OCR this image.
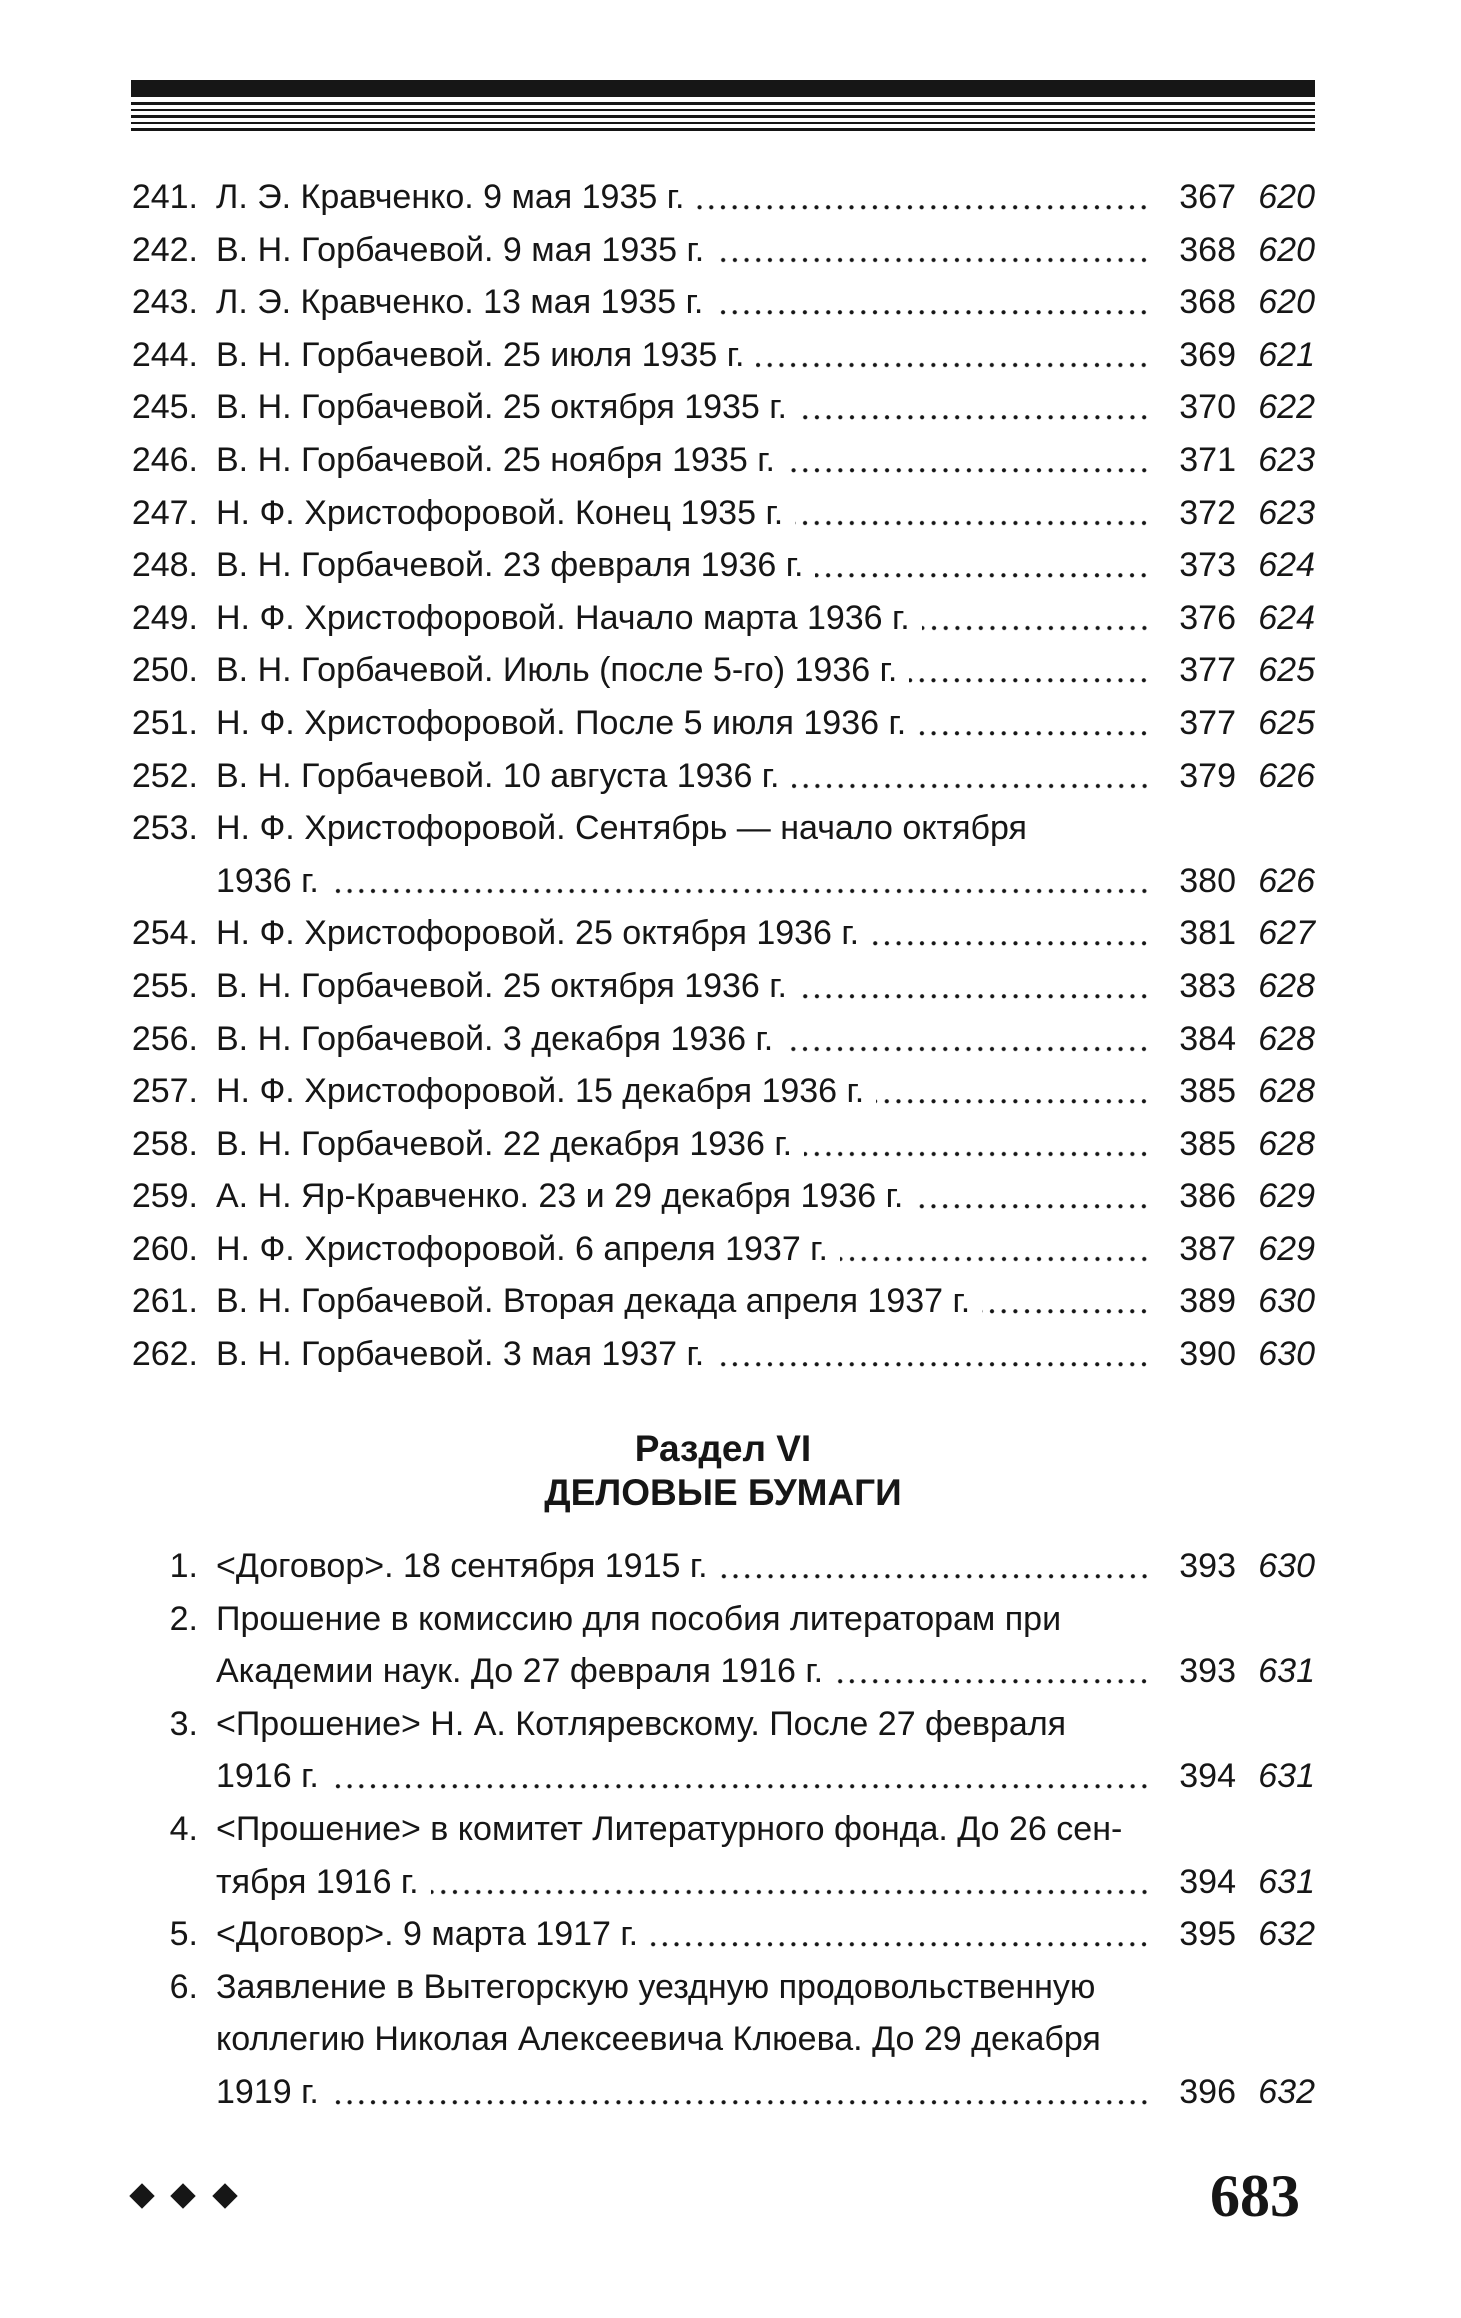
241. Л. Э. Кравченко. 9 мая 1935 г.	367 620
242. В. Н. Горбачевой. 9 мая 1935 г.	368 620
243. Л. Э. Кравченко. 13 мая 1935 г.	368 620
244. В. Н. Горбачевой. 25 июля 1935 г.	369 621
245. В. Н. Горбачевой. 25 октября 1935 г.	370 622
246. В. Н. Горбачевой. 25 ноября 1935 г.	371 623
247. Н. Ф. Христофоровой. Конец 1935 г.	372 623
248. В. Н. Горбачевой. 23 февраля 1936 г.	373 624
249. Н. Ф. Христофоровой. Начало марта 1936 г.	376 624
250. В. Н. Горбачевой. Июль (после 5-го) 1936 г.	377 625
251. Н. Ф. Христофоровой. После 5 июля 1936 г.	377 625
252. В. Н. Горбачевой. 10 августа 1936 г.	379 626
253. Н. Ф. Христофоровой. Сентябрь — начало октября
1936 г.	380 626
254. Н. Ф. Христофоровой. 25 октября 1936 г.	381 627
255. В. Н. Горбачевой. 25 октября 1936 г.	383 628
256. В. Н. Горбачевой. 3 декабря 1936 г.	384 628
257. Н. Ф. Христофоровой. 15 декабря 1936 г.	385 628
258. В. Н. Горбачевой. 22 декабря 1936 г.	385 628
259. А. Н. Яр-Кравченко. 23 и 29 декабря 1936 г.	386 629
260. Н. Ф. Христофоровой. 6 апреля 1937 г.	387 629
261. В. Н. Горбачевой. Вторая декада апреля 1937 г.	389 630
262. В. Н. Горбачевой. 3 мая 1937 г.	390 630
Раздел VI
ДЕЛОВЫЕ БУМАГИ
1. <Договор>. 18 сентября 1915 г.	393 630
2. Прошение в комиссию для пособия литераторам при
Академии наук. До 27 февраля 1916 г.	393 631
3. <Прошение> Н. А. Котляревскому. После 27 февраля
1916 г.	394 631
4. <Прошение> в комитет Литературного фонда. До 26 сен-
тября 1916 г.	394 631
5. <Договор>. 9 марта 1917 г.	395 632
6. Заявление в Вытегорскую уездную продовольственную
коллегию Николая Алексеевича Клюева. До 29 декабря
1919 г.	396 632
683
